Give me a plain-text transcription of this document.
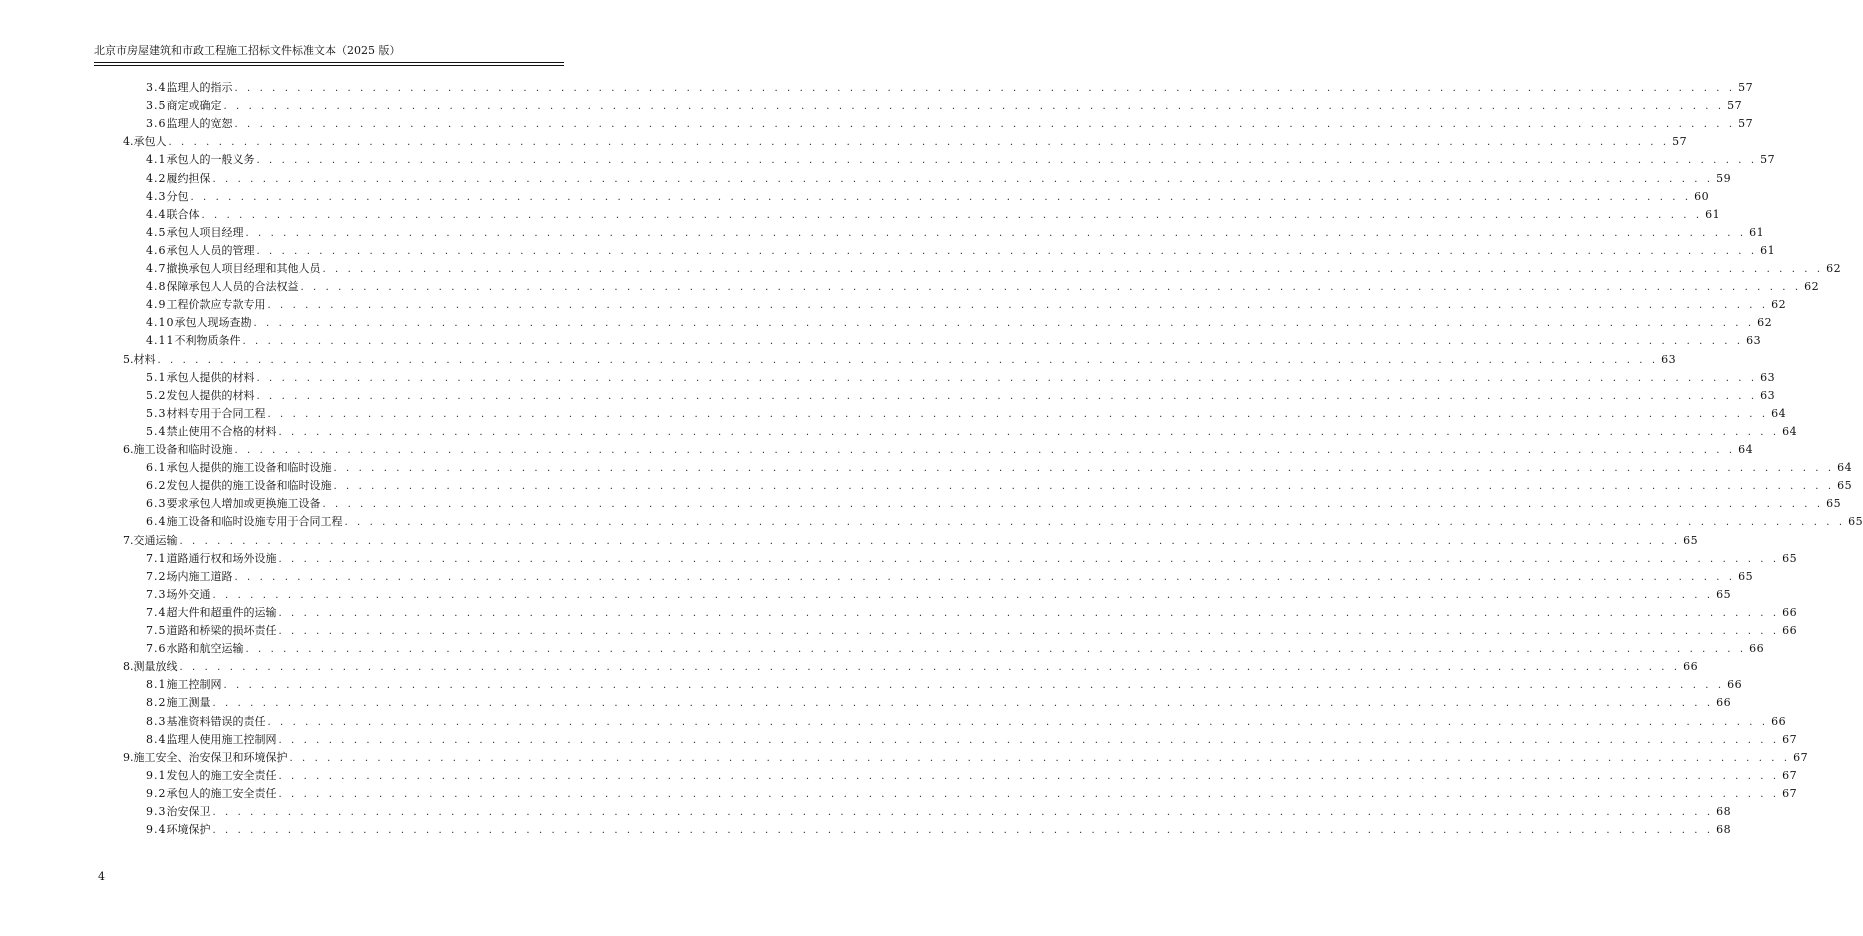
北京市房屋建筑和市政工程施工招标文件标准文本（2025 版）
3.4 监理人的指示 . . . . . . . . . . . . . . . . . . . . . . . . . . . . . . . . . . . . . . . . . . . . . . . . . . . . . . . . . . . . . . . . . . . . . . . . . . . . . . . . . . . . . . . . . . . . . . . . . . . . . . . . . . . . . . . . . . . . . . . . 57
3.5 商定或确定 . . . . . . . . . . . . . . . . . . . . . . . . . . . . . . . . . . . . . . . . . . . . . . . . . . . . . . . . . . . . . . . . . . . . . . . . . . . . . . . . . . . . . . . . . . . . . . . . . . . . . . . . . . . . . . . . . . . . . . . . 57
3.6 监理人的宽恕 . . . . . . . . . . . . . . . . . . . . . . . . . . . . . . . . . . . . . . . . . . . . . . . . . . . . . . . . . . . . . . . . . . . . . . . . . . . . . . . . . . . . . . . . . . . . . . . . . . . . . . . . . . . . . . . . . . . . . . . . 57
4.承包人 . . . . . . . . . . . . . . . . . . . . . . . . . . . . . . . . . . . . . . . . . . . . . . . . . . . . . . . . . . . . . . . . . . . . . . . . . . . . . . . . . . . . . . . . . . . . . . . . . . . . . . . . . . . . . . . . . . . . . . . . 57
4.1 承包人的一般义务 . . . . . . . . . . . . . . . . . . . . . . . . . . . . . . . . . . . . . . . . . . . . . . . . . . . . . . . . . . . . . . . . . . . . . . . . . . . . . . . . . . . . . . . . . . . . . . . . . . . . . . . . . . . . . . . . . . . . . . . . 57
4.2 履约担保 . . . . . . . . . . . . . . . . . . . . . . . . . . . . . . . . . . . . . . . . . . . . . . . . . . . . . . . . . . . . . . . . . . . . . . . . . . . . . . . . . . . . . . . . . . . . . . . . . . . . . . . . . . . . . . . . . . . . . . . . 59
4.3 分包 . . . . . . . . . . . . . . . . . . . . . . . . . . . . . . . . . . . . . . . . . . . . . . . . . . . . . . . . . . . . . . . . . . . . . . . . . . . . . . . . . . . . . . . . . . . . . . . . . . . . . . . . . . . . . . . . . . . . . . . . 60
4.4 联合体 . . . . . . . . . . . . . . . . . . . . . . . . . . . . . . . . . . . . . . . . . . . . . . . . . . . . . . . . . . . . . . . . . . . . . . . . . . . . . . . . . . . . . . . . . . . . . . . . . . . . . . . . . . . . . . . . . . . . . . . . 61
4.5 承包人项目经理 . . . . . . . . . . . . . . . . . . . . . . . . . . . . . . . . . . . . . . . . . . . . . . . . . . . . . . . . . . . . . . . . . . . . . . . . . . . . . . . . . . . . . . . . . . . . . . . . . . . . . . . . . . . . . . . . . . . . . . . . 61
4.6 承包人人员的管理 . . . . . . . . . . . . . . . . . . . . . . . . . . . . . . . . . . . . . . . . . . . . . . . . . . . . . . . . . . . . . . . . . . . . . . . . . . . . . . . . . . . . . . . . . . . . . . . . . . . . . . . . . . . . . . . . . . . . . . . . 61
4.7 撤换承包人项目经理和其他人员 . . . . . . . . . . . . . . . . . . . . . . . . . . . . . . . . . . . . . . . . . . . . . . . . . . . . . . . . . . . . . . . . . . . . . . . . . . . . . . . . . . . . . . . . . . . . . . . . . . . . . . . . . . . . . . . . . . . . . . . . 62
4.8 保障承包人人员的合法权益 . . . . . . . . . . . . . . . . . . . . . . . . . . . . . . . . . . . . . . . . . . . . . . . . . . . . . . . . . . . . . . . . . . . . . . . . . . . . . . . . . . . . . . . . . . . . . . . . . . . . . . . . . . . . . . . . . . . . . . . . 62
4.9 工程价款应专款专用 . . . . . . . . . . . . . . . . . . . . . . . . . . . . . . . . . . . . . . . . . . . . . . . . . . . . . . . . . . . . . . . . . . . . . . . . . . . . . . . . . . . . . . . . . . . . . . . . . . . . . . . . . . . . . . . . . . . . . . . . 62
4.10 承包人现场查勘 . . . . . . . . . . . . . . . . . . . . . . . . . . . . . . . . . . . . . . . . . . . . . . . . . . . . . . . . . . . . . . . . . . . . . . . . . . . . . . . . . . . . . . . . . . . . . . . . . . . . . . . . . . . . . . . . . . . . . . . . 62
4.11 不利物质条件 . . . . . . . . . . . . . . . . . . . . . . . . . . . . . . . . . . . . . . . . . . . . . . . . . . . . . . . . . . . . . . . . . . . . . . . . . . . . . . . . . . . . . . . . . . . . . . . . . . . . . . . . . . . . . . . . . . . . . . . . 63
5.材料 . . . . . . . . . . . . . . . . . . . . . . . . . . . . . . . . . . . . . . . . . . . . . . . . . . . . . . . . . . . . . . . . . . . . . . . . . . . . . . . . . . . . . . . . . . . . . . . . . . . . . . . . . . . . . . . . . . . . . . . . 63
5.1 承包人提供的材料 . . . . . . . . . . . . . . . . . . . . . . . . . . . . . . . . . . . . . . . . . . . . . . . . . . . . . . . . . . . . . . . . . . . . . . . . . . . . . . . . . . . . . . . . . . . . . . . . . . . . . . . . . . . . . . . . . . . . . . . . 63
5.2 发包人提供的材料 . . . . . . . . . . . . . . . . . . . . . . . . . . . . . . . . . . . . . . . . . . . . . . . . . . . . . . . . . . . . . . . . . . . . . . . . . . . . . . . . . . . . . . . . . . . . . . . . . . . . . . . . . . . . . . . . . . . . . . . . 63
5.3 材料专用于合同工程 . . . . . . . . . . . . . . . . . . . . . . . . . . . . . . . . . . . . . . . . . . . . . . . . . . . . . . . . . . . . . . . . . . . . . . . . . . . . . . . . . . . . . . . . . . . . . . . . . . . . . . . . . . . . . . . . . . . . . . . . 64
5.4 禁止使用不合格的材料 . . . . . . . . . . . . . . . . . . . . . . . . . . . . . . . . . . . . . . . . . . . . . . . . . . . . . . . . . . . . . . . . . . . . . . . . . . . . . . . . . . . . . . . . . . . . . . . . . . . . . . . . . . . . . . . . . . . . . . . . 64
6.施工设备和临时设施 . . . . . . . . . . . . . . . . . . . . . . . . . . . . . . . . . . . . . . . . . . . . . . . . . . . . . . . . . . . . . . . . . . . . . . . . . . . . . . . . . . . . . . . . . . . . . . . . . . . . . . . . . . . . . . . . . . . . . . . . 64
6.1 承包人提供的施工设备和临时设施 . . . . . . . . . . . . . . . . . . . . . . . . . . . . . . . . . . . . . . . . . . . . . . . . . . . . . . . . . . . . . . . . . . . . . . . . . . . . . . . . . . . . . . . . . . . . . . . . . . . . . . . . . . . . . . . . . . . . . . . . 64
6.2 发包人提供的施工设备和临时设施 . . . . . . . . . . . . . . . . . . . . . . . . . . . . . . . . . . . . . . . . . . . . . . . . . . . . . . . . . . . . . . . . . . . . . . . . . . . . . . . . . . . . . . . . . . . . . . . . . . . . . . . . . . . . . . . . . . . . . . . . 65
6.3 要求承包人增加或更换施工设备 . . . . . . . . . . . . . . . . . . . . . . . . . . . . . . . . . . . . . . . . . . . . . . . . . . . . . . . . . . . . . . . . . . . . . . . . . . . . . . . . . . . . . . . . . . . . . . . . . . . . . . . . . . . . . . . . . . . . . . . . 65
6.4 施工设备和临时设施专用于合同工程 . . . . . . . . . . . . . . . . . . . . . . . . . . . . . . . . . . . . . . . . . . . . . . . . . . . . . . . . . . . . . . . . . . . . . . . . . . . . . . . . . . . . . . . . . . . . . . . . . . . . . . . . . . . . . . . . . . . . . . . . 65
7.交通运输 . . . . . . . . . . . . . . . . . . . . . . . . . . . . . . . . . . . . . . . . . . . . . . . . . . . . . . . . . . . . . . . . . . . . . . . . . . . . . . . . . . . . . . . . . . . . . . . . . . . . . . . . . . . . . . . . . . . . . . . . 65
7.1 道路通行权和场外设施 . . . . . . . . . . . . . . . . . . . . . . . . . . . . . . . . . . . . . . . . . . . . . . . . . . . . . . . . . . . . . . . . . . . . . . . . . . . . . . . . . . . . . . . . . . . . . . . . . . . . . . . . . . . . . . . . . . . . . . . . 65
7.2 场内施工道路 . . . . . . . . . . . . . . . . . . . . . . . . . . . . . . . . . . . . . . . . . . . . . . . . . . . . . . . . . . . . . . . . . . . . . . . . . . . . . . . . . . . . . . . . . . . . . . . . . . . . . . . . . . . . . . . . . . . . . . . . 65
7.3 场外交通 . . . . . . . . . . . . . . . . . . . . . . . . . . . . . . . . . . . . . . . . . . . . . . . . . . . . . . . . . . . . . . . . . . . . . . . . . . . . . . . . . . . . . . . . . . . . . . . . . . . . . . . . . . . . . . . . . . . . . . . . 65
7.4 超大件和超重件的运输 . . . . . . . . . . . . . . . . . . . . . . . . . . . . . . . . . . . . . . . . . . . . . . . . . . . . . . . . . . . . . . . . . . . . . . . . . . . . . . . . . . . . . . . . . . . . . . . . . . . . . . . . . . . . . . . . . . . . . . . . 66
7.5 道路和桥梁的损坏责任 . . . . . . . . . . . . . . . . . . . . . . . . . . . . . . . . . . . . . . . . . . . . . . . . . . . . . . . . . . . . . . . . . . . . . . . . . . . . . . . . . . . . . . . . . . . . . . . . . . . . . . . . . . . . . . . . . . . . . . . . 66
7.6 水路和航空运输 . . . . . . . . . . . . . . . . . . . . . . . . . . . . . . . . . . . . . . . . . . . . . . . . . . . . . . . . . . . . . . . . . . . . . . . . . . . . . . . . . . . . . . . . . . . . . . . . . . . . . . . . . . . . . . . . . . . . . . . . 66
8.测量放线 . . . . . . . . . . . . . . . . . . . . . . . . . . . . . . . . . . . . . . . . . . . . . . . . . . . . . . . . . . . . . . . . . . . . . . . . . . . . . . . . . . . . . . . . . . . . . . . . . . . . . . . . . . . . . . . . . . . . . . . . 66
8.1 施工控制网 . . . . . . . . . . . . . . . . . . . . . . . . . . . . . . . . . . . . . . . . . . . . . . . . . . . . . . . . . . . . . . . . . . . . . . . . . . . . . . . . . . . . . . . . . . . . . . . . . . . . . . . . . . . . . . . . . . . . . . . . 66
8.2 施工测量 . . . . . . . . . . . . . . . . . . . . . . . . . . . . . . . . . . . . . . . . . . . . . . . . . . . . . . . . . . . . . . . . . . . . . . . . . . . . . . . . . . . . . . . . . . . . . . . . . . . . . . . . . . . . . . . . . . . . . . . . 66
8.3 基准资料错误的责任 . . . . . . . . . . . . . . . . . . . . . . . . . . . . . . . . . . . . . . . . . . . . . . . . . . . . . . . . . . . . . . . . . . . . . . . . . . . . . . . . . . . . . . . . . . . . . . . . . . . . . . . . . . . . . . . . . . . . . . . . 66
8.4 监理人使用施工控制网 . . . . . . . . . . . . . . . . . . . . . . . . . . . . . . . . . . . . . . . . . . . . . . . . . . . . . . . . . . . . . . . . . . . . . . . . . . . . . . . . . . . . . . . . . . . . . . . . . . . . . . . . . . . . . . . . . . . . . . . . 67
9.施工安全、治安保卫和环境保护 . . . . . . . . . . . . . . . . . . . . . . . . . . . . . . . . . . . . . . . . . . . . . . . . . . . . . . . . . . . . . . . . . . . . . . . . . . . . . . . . . . . . . . . . . . . . . . . . . . . . . . . . . . . . . . . . . . . . . . . . 67
9.1 发包人的施工安全责任 . . . . . . . . . . . . . . . . . . . . . . . . . . . . . . . . . . . . . . . . . . . . . . . . . . . . . . . . . . . . . . . . . . . . . . . . . . . . . . . . . . . . . . . . . . . . . . . . . . . . . . . . . . . . . . . . . . . . . . . . 67
9.2 承包人的施工安全责任 . . . . . . . . . . . . . . . . . . . . . . . . . . . . . . . . . . . . . . . . . . . . . . . . . . . . . . . . . . . . . . . . . . . . . . . . . . . . . . . . . . . . . . . . . . . . . . . . . . . . . . . . . . . . . . . . . . . . . . . . 67
9.3 治安保卫 . . . . . . . . . . . . . . . . . . . . . . . . . . . . . . . . . . . . . . . . . . . . . . . . . . . . . . . . . . . . . . . . . . . . . . . . . . . . . . . . . . . . . . . . . . . . . . . . . . . . . . . . . . . . . . . . . . . . . . . . 68
9.4 环境保护 . . . . . . . . . . . . . . . . . . . . . . . . . . . . . . . . . . . . . . . . . . . . . . . . . . . . . . . . . . . . . . . . . . . . . . . . . . . . . . . . . . . . . . . . . . . . . . . . . . . . . . . . . . . . . . . . . . . . . . . . 68
4
